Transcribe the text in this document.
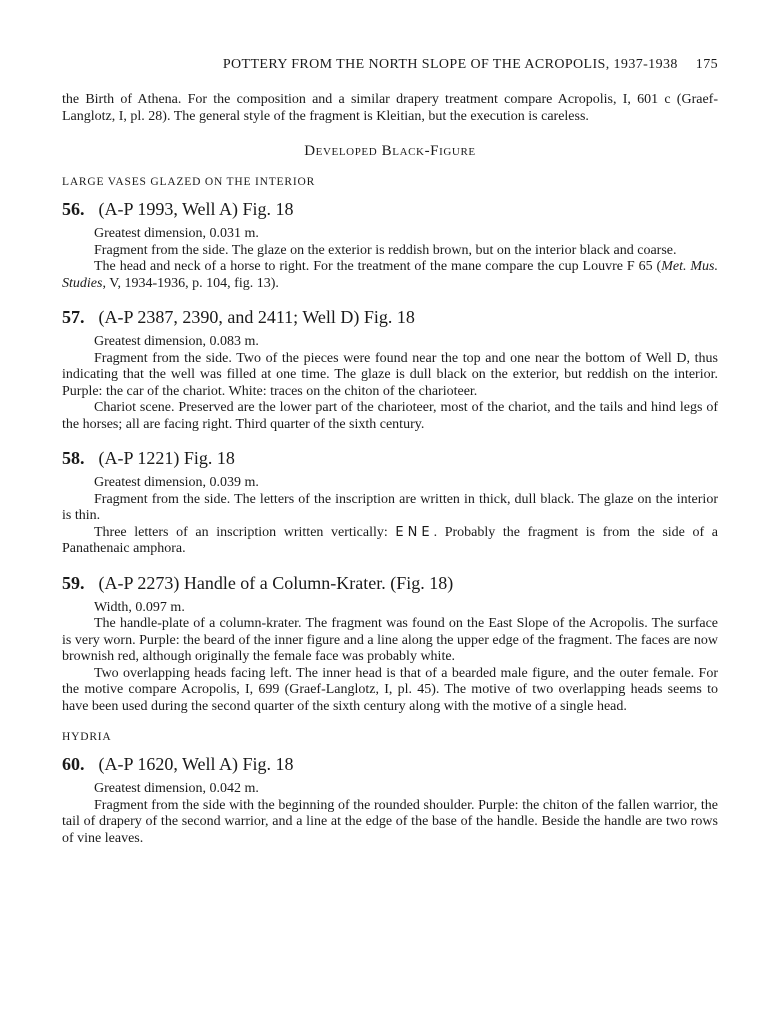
POTTERY FROM THE NORTH SLOPE OF THE ACROPOLIS, 1937-1938 175

the Birth of Athena. For the composition and a similar drapery treatment compare Acropolis, I, 601 c (Graef-Langlotz, I, pl. 28). The general style of the fragment is Kleitian, but the execution is careless.

Developed Black-Figure
LARGE VASES GLAZED ON THE INTERIOR
56. (A-P 1993, Well A) Fig. 18

Greatest dimension, 0.031 m.

Fragment from the side. The glaze on the exterior is reddish brown, but on the interior black and coarse.

The head and neck of a horse to right. For the treatment of the mane compare the cup Louvre F 65 (Met. Mus. Studies, V, 1934-1936, p. 104, fig. 13).

57. (A-P 2387, 2390, and 2411; Well D) Fig. 18

Greatest dimension, 0.083 m.

Fragment from the side. Two of the pieces were found near the top and one near the bottom of Well D, thus indicating that the well was filled at one time. The glaze is dull black on the exterior, but reddish on the interior. Purple: the car of the chariot. White: traces on the chiton of the charioteer.

Chariot scene. Preserved are the lower part of the charioteer, most of the chariot, and the tails and hind legs of the horses; all are facing right. Third quarter of the sixth century.

58. (A-P 1221) Fig. 18

Greatest dimension, 0.039 m.

Fragment from the side. The letters of the inscription are written in thick, dull black. The glaze on the interior is thin.

Three letters of an inscription written vertically: ENE. Probably the fragment is from the side of a Panathenaic amphora.

59. (A-P 2273) Handle of a Column-Krater. (Fig. 18)

Width, 0.097 m.

The handle-plate of a column-krater. The fragment was found on the East Slope of the Acropolis. The surface is very worn. Purple: the beard of the inner figure and a line along the upper edge of the fragment. The faces are now brownish red, although originally the female face was probably white.

Two overlapping heads facing left. The inner head is that of a bearded male figure, and the outer female. For the motive compare Acropolis, I, 699 (Graef-Langlotz, I, pl. 45). The motive of two overlapping heads seems to have been used during the second quarter of the sixth century along with the motive of a single head.

HYDRIA
60. (A-P 1620, Well A) Fig. 18

Greatest dimension, 0.042 m.

Fragment from the side with the beginning of the rounded shoulder. Purple: the chiton of the fallen warrior, the tail of drapery of the second warrior, and a line at the edge of the base of the handle. Beside the handle are two rows of vine leaves.
